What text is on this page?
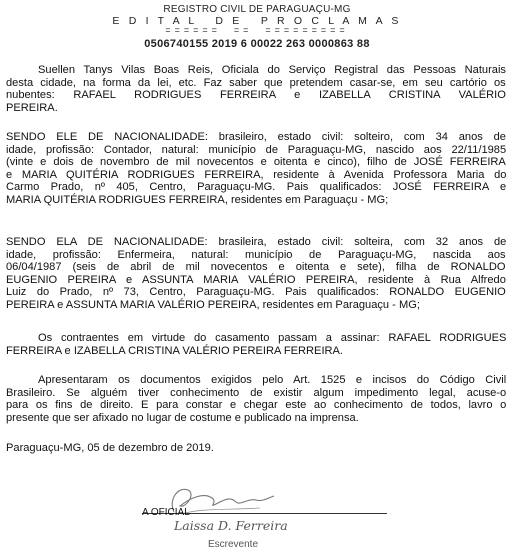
REGISTRO CIVIL DE PARAGUAÇU-MG
E D I T A L   D E   P R O C L A M A S
======  ==  =========
0506740155 2019 6 00022 263 0000863 88
Suellen Tanys Vilas Boas Reis, Oficiala do Serviço Registral das Pessoas Naturais
desta cidade, na forma da lei, etc. Faz saber que pretendem casar-se, em seu cartório os
nubentes: RAFAEL RODRIGUES FERREIRA e IZABELLA CRISTINA VALÉRIO
PEREIRA.
SENDO ELE DE NACIONALIDADE: brasileiro, estado civil: solteiro, com 34 anos de
idade, profissão: Contador, natural: município de Paraguaçu-MG, nascido aos 22/11/1985
(vinte e dois de novembro de mil novecentos e oitenta e cinco), filho de JOSÉ FERREIRA
e MARIA QUITÉRIA RODRIGUES FERREIRA, residente à Avenida Professora Maria do
Carmo Prado, nº 405, Centro, Paraguaçu-MG. Pais qualificados: JOSÉ FERREIRA e
MARIA QUITÉRIA RODRIGUES FERREIRA, residentes em Paraguaçu - MG;
SENDO ELA DE NACIONALIDADE: brasileira, estado civil: solteira, com 32 anos de
idade, profissão: Enfermeira, natural: município de Paraguaçu-MG, nascida aos
06/04/1987 (seis de abril de mil novecentos e oitenta e sete), filha de RONALDO
EUGENIO PEREIRA e ASSUNTA MARIA VALÉRIO PEREIRA, residente à Rua Alfredo
Luiz do Prado, nº 73, Centro, Paraguaçu-MG. Pais qualificados: RONALDO EUGENIO
PEREIRA e ASSUNTA MARIA VALÉRIO PEREIRA, residentes em Paraguaçu - MG;
Os contraentes em virtude do casamento passam a assinar: RAFAEL RODRIGUES
FERREIRA e IZABELLA CRISTINA VALÉRIO PEREIRA FERREIRA.
Apresentaram os documentos exigidos pelo Art. 1525 e incisos do Código Civil
Brasileiro. Se alguém tiver conhecimento de existir algum impedimento legal, acuse-o
para os fins de direito. E para constar e chegar este ao conhecimento de todos, lavro o
presente que ser afixado no lugar de costume e publicado na imprensa.
Paraguaçu-MG, 05 de dezembro de 2019.
A OFICIAL
Laissa D. Ferreira
Escrevente
